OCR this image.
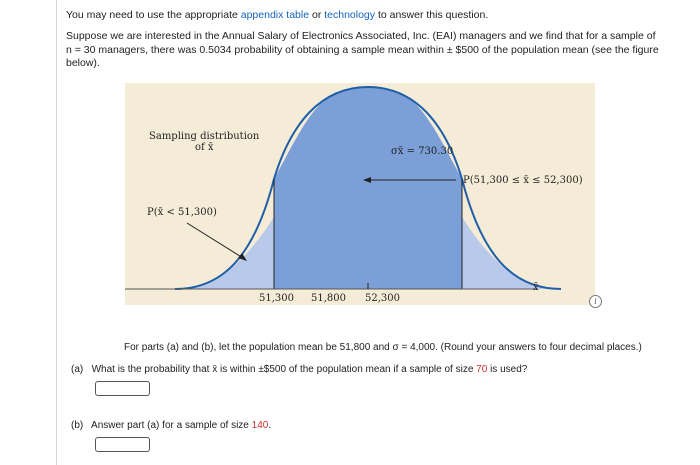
You may need to use the appropriate appendix table or technology to answer this question.
Suppose we are interested in the Annual Salary of Electronics Associated, Inc. (EAI) managers and we find that for a sample of
n = 30 managers, there was 0.5034 probability of obtaining a sample mean within ± $500 of the population mean (see the figure
below).
Sampling distribution
of x̄	σx̄ = 730.30
P(51,300 ≤ x̄ ≤ 52,300)
P(x̄ < 51,300)
x̄
51,300 51,800 52,300	i
For parts (a) and (b), let the population mean be 51,800 and σ = 4,000. (Round your answers to four decimal places.)
(a) What is the probability that x̄ is within ±$500 of the population mean if a sample of size 70 is used?
(b) Answer part (a) for a sample of size 140.
